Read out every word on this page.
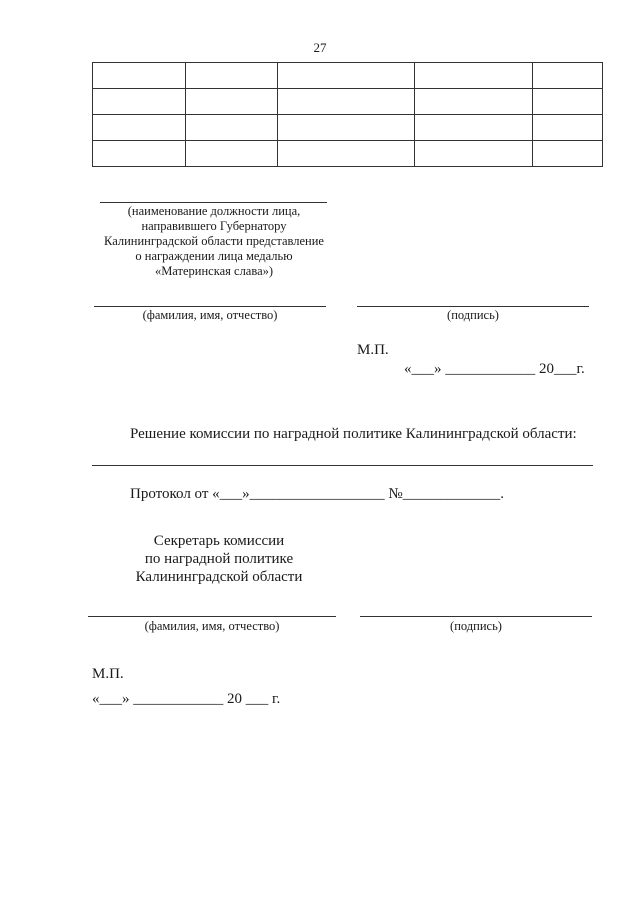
27

(наименование должности лица,
направившего Губернатору
Калининградской области представление
о награждении лица медалью
«Материнская слава»)
(фамилия, имя, отчество)	(подпись)
М.П.
«___» ____________ 20___г.
Решение комиссии по наградной политике Калининградской области:
Протокол от «___»__________________ №_____________.
Секретарь комиссии
по наградной политике
Калининградской области
(фамилия, имя, отчество)	(подпись)
М.П.
«___» ____________ 20 ___ г.
